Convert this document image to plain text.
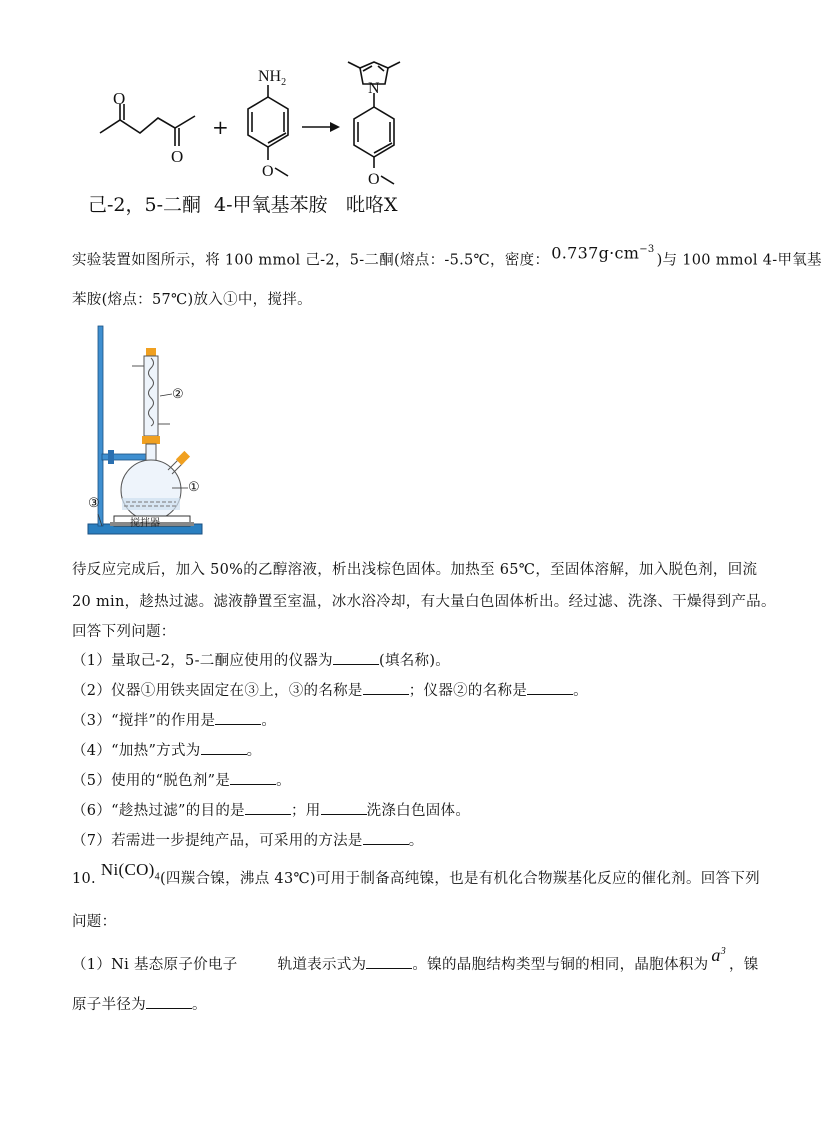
O
O
O	O
$NH_2$
+
N
己-2，5-二酮 4-甲氧基苯胺 吡咯X
实验装置如图所示，将 100 mmol 己-2，5-二酮(熔点：-5.5℃，密度： $0.737g\cdot cm^{-3}$)与 100 mmol 4-甲氧基
苯胺(熔点：57℃)放入①中，搅拌。
②
①
③
搅拌器
待反应完成后，加入 50%的乙醇溶液，析出浅棕色固体。加热至 65℃，至固体溶解，加入脱色剂，回流
20 min，趁热过滤。滤液静置至室温，冰水浴冷却，有大量白色固体析出。经过滤、洗涤、干燥得到产品。
回答下列问题：
（1）量取己-2，5-二酮应使用的仪器为	(填名称)。
（2）仪器①用铁夹固定在③上，③的名称是	；仪器②的名称是	。
（3）“搅拌”的作用是	。
（4）“加热”方式为	。
（5）使用的“脱色剂”是	。
（6）“趁热过滤”的目的是	；用	洗涤白色固体。
（7）若需进一步提纯产品，可采用的方法是	。
10. $Ni(CO)_4$(四羰合镍，沸点 43℃)可用于制备高纯镍，也是有机化合物羰基化反应的催化剂。回答下列
问题：
（1）Ni 基态原子价电子	轨道表示式为	。镍的晶胞结构类型与铜的相同，晶胞体积为 $a^3$，镍
原子半径为	。
